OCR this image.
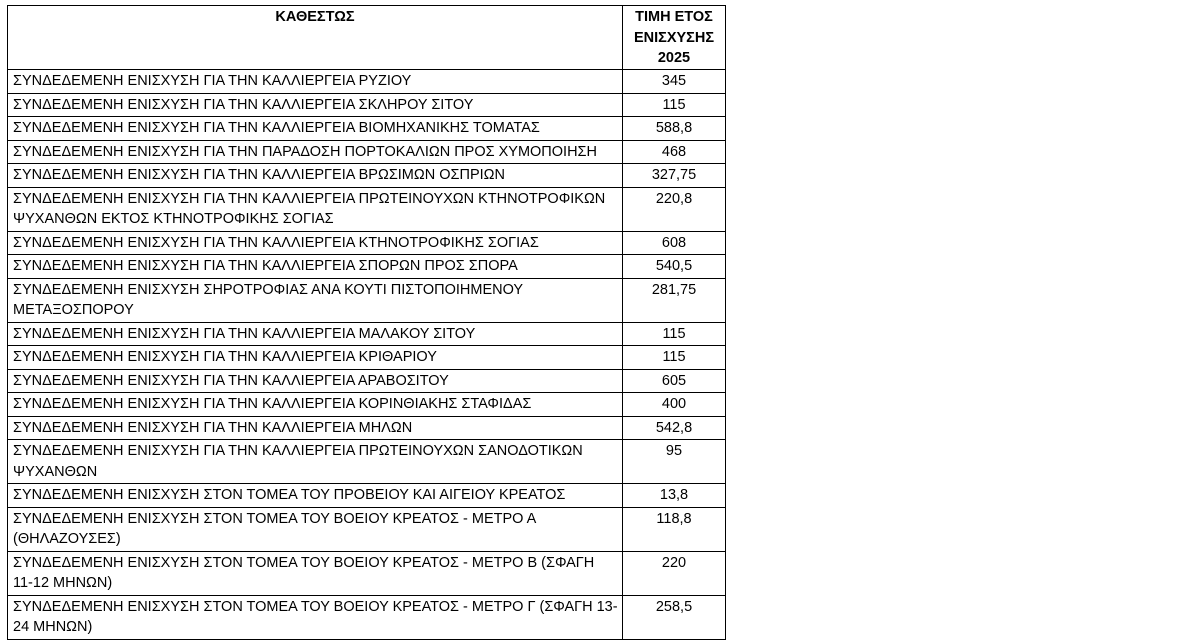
ΚΑΘΕΣΤΩΣ	ΤΙΜΗ ΕΤΟΣ
ΕΝΙΣΧΥΣΗΣ
2025
ΣΥΝΔΕΔΕΜΕΝΗ ΕΝΙΣΧΥΣΗ ΓΙΑ ΤΗΝ ΚΑΛΛΙΕΡΓΕΙΑ ΡΥΖΙΟΥ	345
ΣΥΝΔΕΔΕΜΕΝΗ ΕΝΙΣΧΥΣΗ ΓΙΑ ΤΗΝ ΚΑΛΛΙΕΡΓΕΙΑ ΣΚΛΗΡΟΥ ΣΙΤΟΥ	115
ΣΥΝΔΕΔΕΜΕΝΗ ΕΝΙΣΧΥΣΗ ΓΙΑ ΤΗΝ ΚΑΛΛΙΕΡΓΕΙΑ ΒΙΟΜΗΧΑΝΙΚΗΣ ΤΟΜΑΤΑΣ	588,8
ΣΥΝΔΕΔΕΜΕΝΗ ΕΝΙΣΧΥΣΗ ΓΙΑ ΤΗΝ ΠΑΡΑΔΟΣΗ ΠΟΡΤΟΚΑΛΙΩΝ ΠΡΟΣ ΧΥΜΟΠΟΙΗΣΗ	468
ΣΥΝΔΕΔΕΜΕΝΗ ΕΝΙΣΧΥΣΗ ΓΙΑ ΤΗΝ ΚΑΛΛΙΕΡΓΕΙΑ ΒΡΩΣΙΜΩΝ ΟΣΠΡΙΩΝ	327,75
ΣΥΝΔΕΔΕΜΕΝΗ ΕΝΙΣΧΥΣΗ ΓΙΑ ΤΗΝ ΚΑΛΛΙΕΡΓΕΙΑ ΠΡΩΤΕΙΝΟΥΧΩΝ ΚΤΗΝΟΤΡΟΦΙΚΩΝ ΨΥΧΑΝΘΩΝ ΕΚΤΟΣ ΚΤΗΝΟΤΡΟΦΙΚΗΣ ΣΟΓΙΑΣ	220,8
ΣΥΝΔΕΔΕΜΕΝΗ ΕΝΙΣΧΥΣΗ ΓΙΑ ΤΗΝ ΚΑΛΛΙΕΡΓΕΙΑ ΚΤΗΝΟΤΡΟΦΙΚΗΣ ΣΟΓΙΑΣ	608
ΣΥΝΔΕΔΕΜΕΝΗ ΕΝΙΣΧΥΣΗ ΓΙΑ ΤΗΝ ΚΑΛΛΙΕΡΓΕΙΑ ΣΠΟΡΩΝ ΠΡΟΣ ΣΠΟΡΑ	540,5
ΣΥΝΔΕΔΕΜΕΝΗ ΕΝΙΣΧΥΣΗ ΣΗΡΟΤΡΟΦΙΑΣ ΑΝΑ ΚΟΥΤΙ ΠΙΣΤΟΠΟΙΗΜΕΝΟΥ ΜΕΤΑΞΟΣΠΟΡΟΥ	281,75
ΣΥΝΔΕΔΕΜΕΝΗ ΕΝΙΣΧΥΣΗ ΓΙΑ ΤΗΝ ΚΑΛΛΙΕΡΓΕΙΑ ΜΑΛΑΚΟΥ ΣΙΤΟΥ	115
ΣΥΝΔΕΔΕΜΕΝΗ ΕΝΙΣΧΥΣΗ ΓΙΑ ΤΗΝ ΚΑΛΛΙΕΡΓΕΙΑ ΚΡΙΘΑΡΙΟΥ	115
ΣΥΝΔΕΔΕΜΕΝΗ ΕΝΙΣΧΥΣΗ ΓΙΑ ΤΗΝ ΚΑΛΛΙΕΡΓΕΙΑ ΑΡΑΒΟΣΙΤΟΥ	605
ΣΥΝΔΕΔΕΜΕΝΗ ΕΝΙΣΧΥΣΗ ΓΙΑ ΤΗΝ ΚΑΛΛΙΕΡΓΕΙΑ ΚΟΡΙΝΘΙΑΚΗΣ ΣΤΑΦΙΔΑΣ	400
ΣΥΝΔΕΔΕΜΕΝΗ ΕΝΙΣΧΥΣΗ ΓΙΑ ΤΗΝ ΚΑΛΛΙΕΡΓΕΙΑ ΜΗΛΩΝ	542,8
ΣΥΝΔΕΔΕΜΕΝΗ ΕΝΙΣΧΥΣΗ ΓΙΑ ΤΗΝ ΚΑΛΛΙΕΡΓΕΙΑ ΠΡΩΤΕΙΝΟΥΧΩΝ ΣΑΝΟΔΟΤΙΚΩΝ ΨΥΧΑΝΘΩΝ	95
ΣΥΝΔΕΔΕΜΕΝΗ ΕΝΙΣΧΥΣΗ ΣΤΟΝ ΤΟΜΕΑ ΤΟΥ ΠΡΟΒΕΙΟΥ ΚΑΙ ΑΙΓΕΙΟΥ ΚΡΕΑΤΟΣ	13,8
ΣΥΝΔΕΔΕΜΕΝΗ ΕΝΙΣΧΥΣΗ ΣΤΟΝ ΤΟΜΕΑ ΤΟΥ ΒΟΕΙΟΥ ΚΡΕΑΤΟΣ - ΜΕΤΡΟ Α (ΘΗΛΑΖΟΥΣΕΣ)	118,8
ΣΥΝΔΕΔΕΜΕΝΗ ΕΝΙΣΧΥΣΗ ΣΤΟΝ ΤΟΜΕΑ ΤΟΥ ΒΟΕΙΟΥ ΚΡΕΑΤΟΣ - ΜΕΤΡΟ Β (ΣΦΑΓΗ 11-12 ΜΗΝΩΝ)	220
ΣΥΝΔΕΔΕΜΕΝΗ ΕΝΙΣΧΥΣΗ ΣΤΟΝ ΤΟΜΕΑ ΤΟΥ ΒΟΕΙΟΥ ΚΡΕΑΤΟΣ - ΜΕΤΡΟ Γ (ΣΦΑΓΗ 13-24 ΜΗΝΩΝ)	258,5
